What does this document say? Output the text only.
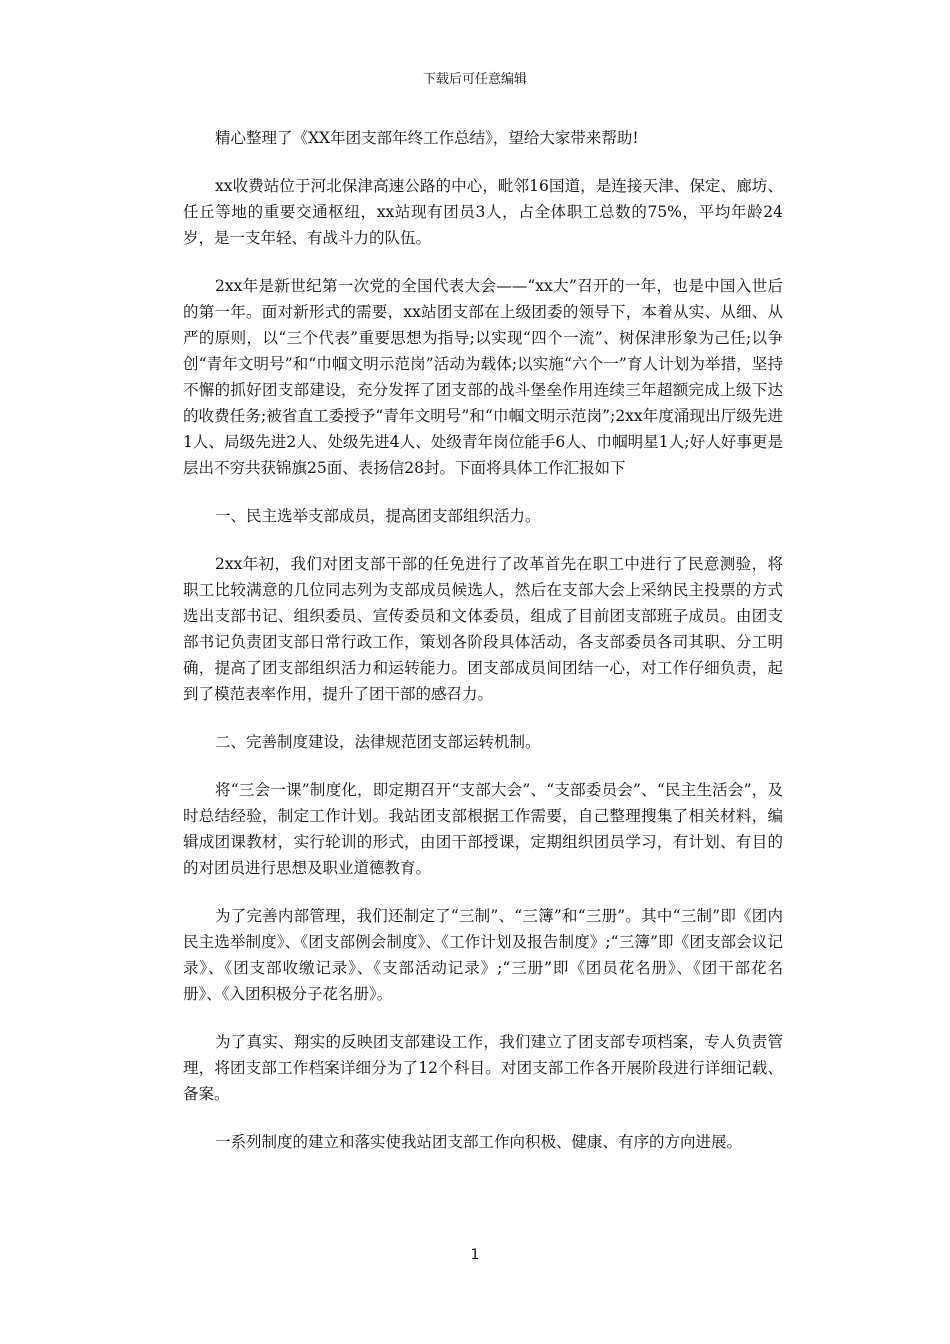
下载后可任意编辑

精心整理了《XX年团支部年终工作总结》，望给大家带来帮助!

xx收费站位于河北保津高速公路的中心，毗邻16国道，是连接天津、保定、廊坊、任丘等地的重要交通枢纽，xx站现有团员3人，占全体职工总数的75%，平均年龄24岁，是一支年轻、有战斗力的队伍。

2xx年是新世纪第一次党的全国代表大会——“xx大”召开的一年，也是中国入世后的第一年。面对新形式的需要，xx站团支部在上级团委的领导下，本着从实、从细、从严的原则，以“三个代表”重要思想为指导;以实现“四个一流”、树保津形象为己任;以争创“青年文明号”和“巾帼文明示范岗”活动为载体;以实施“六个一”育人计划为举措，坚持不懈的抓好团支部建设，充分发挥了团支部的战斗堡垒作用连续三年超额完成上级下达的收费任务;被省直工委授予“青年文明号”和“巾帼文明示范岗”;2xx年度涌现出厅级先进1人、局级先进2人、处级先进4人、处级青年岗位能手6人、巾帼明星1人;好人好事更是层出不穷共获锦旗25面、表扬信28封。下面将具体工作汇报如下

一、民主选举支部成员，提高团支部组织活力。

2xx年初，我们对团支部干部的任免进行了改革首先在职工中进行了民意测验，将职工比较满意的几位同志列为支部成员候选人，然后在支部大会上采纳民主投票的方式选出支部书记、组织委员、宣传委员和文体委员，组成了目前团支部班子成员。由团支部书记负责团支部日常行政工作，策划各阶段具体活动，各支部委员各司其职、分工明确，提高了团支部组织活力和运转能力。团支部成员间团结一心，对工作仔细负责，起到了模范表率作用，提升了团干部的感召力。

二、完善制度建设，法律规范团支部运转机制。

将“三会一课”制度化，即定期召开“支部大会”、“支部委员会”、“民主生活会”，及时总结经验，制定工作计划。我站团支部根据工作需要，自己整理搜集了相关材料，编辑成团课教材，实行轮训的形式，由团干部授课，定期组织团员学习，有计划、有目的的对团员进行思想及职业道德教育。

为了完善内部管理，我们还制定了“三制”、“三簿”和“三册”。其中“三制”即《团内民主选举制度》、《团支部例会制度》、《工作计划及报告制度》;“三簿”即《团支部会议记录》、《团支部收缴记录》、《支部活动记录》;“三册”即《团员花名册》、《团干部花名册》、《入团积极分子花名册》。

为了真实、翔实的反映团支部建设工作，我们建立了团支部专项档案，专人负责管理，将团支部工作档案详细分为了12个科目。对团支部工作各开展阶段进行详细记载、备案。

一系列制度的建立和落实使我站团支部工作向积极、健康、有序的方向进展。

1
